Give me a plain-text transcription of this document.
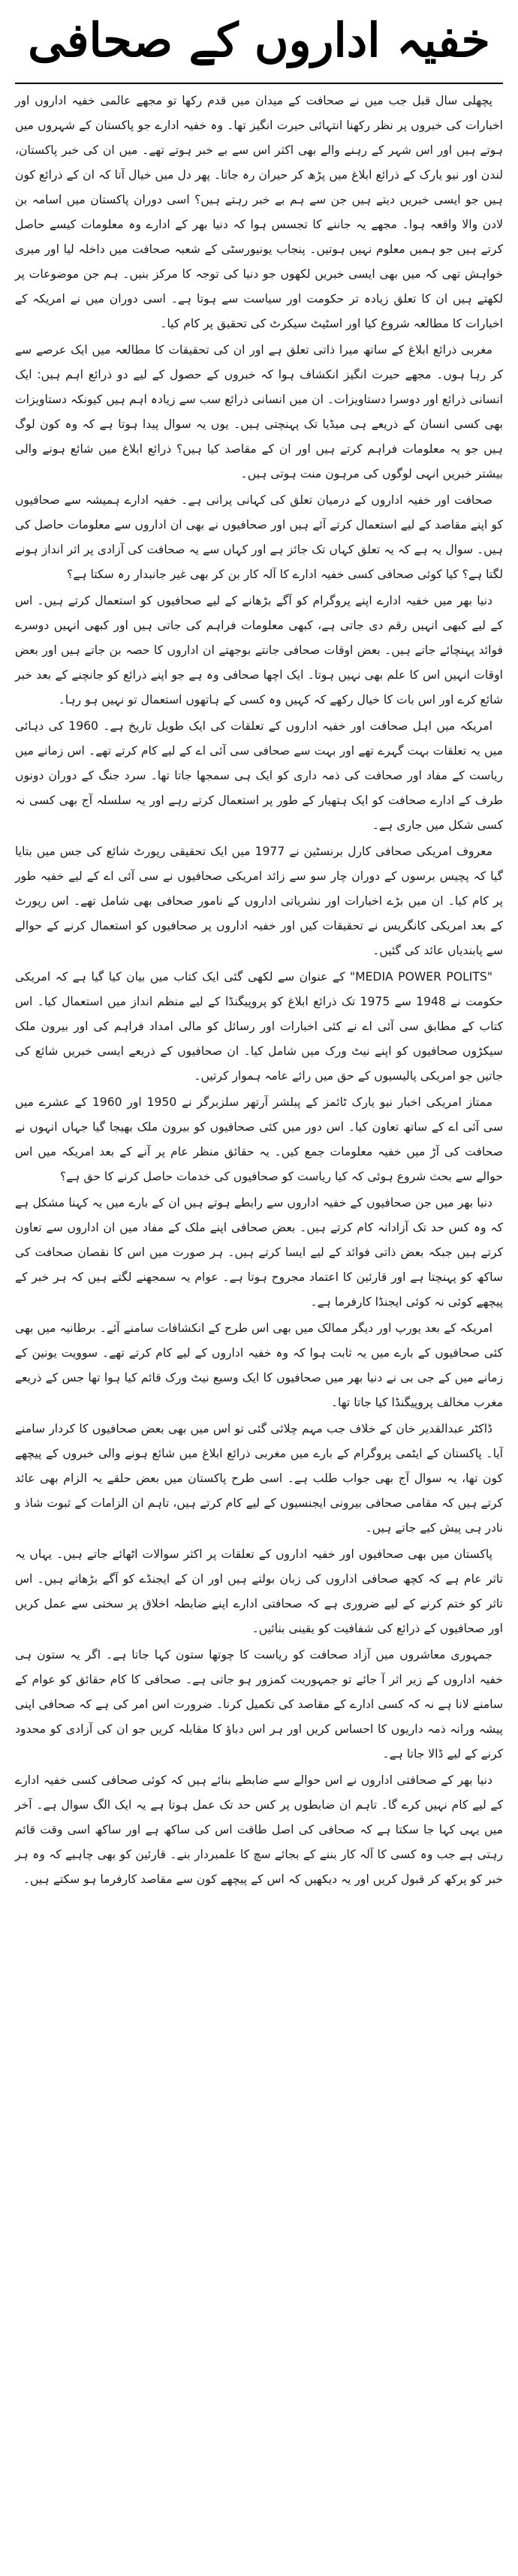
خفیہ اداروں کے صحافی

پچھلی سال قبل جب میں نے صحافت کے میدان میں قدم رکھا تو مجھے عالمی خفیہ اداروں اور اخبارات کی خبروں پر نظر رکھنا انتہائی حیرت انگیز تھا۔ وہ خفیہ ادارے جو پاکستان کے شہروں میں ہوتے ہیں اور اس شہر کے رہنے والے بھی اکثر اس سے بے خبر ہوتے تھے۔ میں ان کی خبر پاکستان، لندن اور نیو یارک کے ذرائع ابلاغ میں پڑھ کر حیران رہ جاتا۔ پھر دل میں خیال آتا کہ ان کے ذرائع کون ہیں جو ایسی خبریں دیتے ہیں جن سے ہم بے خبر رہتے ہیں؟ اسی دوران پاکستان میں اسامہ بن لادن والا واقعہ ہوا۔ مجھے یہ جاننے کا تجسس ہوا کہ دنیا بھر کے ادارے وہ معلومات کیسے حاصل کرتے ہیں جو ہمیں معلوم نہیں ہوتیں۔ پنجاب یونیورسٹی کے شعبہ صحافت میں داخلہ لیا اور میری خواہش تھی کہ میں بھی ایسی خبریں لکھوں جو دنیا کی توجہ کا مرکز بنیں۔ ہم جن موضوعات پر لکھتے ہیں ان کا تعلق زیادہ تر حکومت اور سیاست سے ہوتا ہے۔ اسی دوران میں نے امریکہ کے اخبارات کا مطالعہ شروع کیا اور اسٹیٹ سیکرٹ کی تحقیق پر کام کیا۔

مغربی ذرائع ابلاغ کے ساتھ میرا ذاتی تعلق ہے اور ان کی تحقیقات کا مطالعہ میں ایک عرصے سے کر رہا ہوں۔ مجھے حیرت انگیز انکشاف ہوا کہ خبروں کے حصول کے لیے دو ذرائع اہم ہیں: ایک انسانی ذرائع اور دوسرا دستاویزات۔ ان میں انسانی ذرائع سب سے زیادہ اہم ہیں کیونکہ دستاویزات بھی کسی انسان کے ذریعے ہی میڈیا تک پہنچتی ہیں۔ یوں یہ سوال پیدا ہوتا ہے کہ وہ کون لوگ ہیں جو یہ معلومات فراہم کرتے ہیں اور ان کے مقاصد کیا ہیں؟ ذرائع ابلاغ میں شائع ہونے والی بیشتر خبریں انہی لوگوں کی مرہون منت ہوتی ہیں۔

صحافت اور خفیہ اداروں کے درمیان تعلق کی کہانی پرانی ہے۔ خفیہ ادارے ہمیشہ سے صحافیوں کو اپنے مقاصد کے لیے استعمال کرتے آئے ہیں اور صحافیوں نے بھی ان اداروں سے معلومات حاصل کی ہیں۔ سوال یہ ہے کہ یہ تعلق کہاں تک جائز ہے اور کہاں سے یہ صحافت کی آزادی پر اثر انداز ہونے لگتا ہے؟ کیا کوئی صحافی کسی خفیہ ادارے کا آلہ کار بن کر بھی غیر جانبدار رہ سکتا ہے؟

دنیا بھر میں خفیہ ادارے اپنے پروگرام کو آگے بڑھانے کے لیے صحافیوں کو استعمال کرتے ہیں۔ اس کے لیے کبھی انہیں رقم دی جاتی ہے، کبھی معلومات فراہم کی جاتی ہیں اور کبھی انہیں دوسرے فوائد پہنچائے جاتے ہیں۔ بعض اوقات صحافی جانتے بوجھتے ان اداروں کا حصہ بن جاتے ہیں اور بعض اوقات انہیں اس کا علم بھی نہیں ہوتا۔ ایک اچھا صحافی وہ ہے جو اپنے ذرائع کو جانچنے کے بعد خبر شائع کرے اور اس بات کا خیال رکھے کہ کہیں وہ کسی کے ہاتھوں استعمال تو نہیں ہو رہا۔

امریکہ میں اہل صحافت اور خفیہ اداروں کے تعلقات کی ایک طویل تاریخ ہے۔ 1960 کی دہائی میں یہ تعلقات بہت گہرے تھے اور بہت سے صحافی سی آئی اے کے لیے کام کرتے تھے۔ اس زمانے میں ریاست کے مفاد اور صحافت کی ذمہ داری کو ایک ہی سمجھا جاتا تھا۔ سرد جنگ کے دوران دونوں طرف کے ادارے صحافت کو ایک ہتھیار کے طور پر استعمال کرتے رہے اور یہ سلسلہ آج بھی کسی نہ کسی شکل میں جاری ہے۔

معروف امریکی صحافی کارل برنسٹین نے 1977 میں ایک تحقیقی رپورٹ شائع کی جس میں بتایا گیا کہ پچیس برسوں کے دوران چار سو سے زائد امریکی صحافیوں نے سی آئی اے کے لیے خفیہ طور پر کام کیا۔ ان میں بڑے اخبارات اور نشریاتی اداروں کے نامور صحافی بھی شامل تھے۔ اس رپورٹ کے بعد امریکی کانگریس نے تحقیقات کیں اور خفیہ اداروں پر صحافیوں کو استعمال کرنے کے حوالے سے پابندیاں عائد کی گئیں۔

"MEDIA POWER POLITS" کے عنوان سے لکھی گئی ایک کتاب میں بیان کیا گیا ہے کہ امریکی حکومت نے 1948 سے 1975 تک ذرائع ابلاغ کو پروپیگنڈا کے لیے منظم انداز میں استعمال کیا۔ اس کتاب کے مطابق سی آئی اے نے کئی اخبارات اور رسائل کو مالی امداد فراہم کی اور بیرون ملک سیکڑوں صحافیوں کو اپنے نیٹ ورک میں شامل کیا۔ ان صحافیوں کے ذریعے ایسی خبریں شائع کی جاتیں جو امریکی پالیسیوں کے حق میں رائے عامہ ہموار کرتیں۔

ممتاز امریکی اخبار نیو یارک ٹائمز کے پبلشر آرتھر سلزبرگر نے 1950 اور 1960 کے عشرے میں سی آئی اے کے ساتھ تعاون کیا۔ اس دور میں کئی صحافیوں کو بیرون ملک بھیجا گیا جہاں انہوں نے صحافت کی آڑ میں خفیہ معلومات جمع کیں۔ یہ حقائق منظر عام پر آنے کے بعد امریکہ میں اس حوالے سے بحث شروع ہوئی کہ کیا ریاست کو صحافیوں کی خدمات حاصل کرنے کا حق ہے؟

دنیا بھر میں جن صحافیوں کے خفیہ اداروں سے رابطے ہوتے ہیں ان کے بارے میں یہ کہنا مشکل ہے کہ وہ کس حد تک آزادانہ کام کرتے ہیں۔ بعض صحافی اپنے ملک کے مفاد میں ان اداروں سے تعاون کرتے ہیں جبکہ بعض ذاتی فوائد کے لیے ایسا کرتے ہیں۔ ہر صورت میں اس کا نقصان صحافت کی ساکھ کو پہنچتا ہے اور قارئین کا اعتماد مجروح ہوتا ہے۔ عوام یہ سمجھنے لگتے ہیں کہ ہر خبر کے پیچھے کوئی نہ کوئی ایجنڈا کارفرما ہے۔

امریکہ کے بعد یورپ اور دیگر ممالک میں بھی اس طرح کے انکشافات سامنے آئے۔ برطانیہ میں بھی کئی صحافیوں کے بارے میں یہ ثابت ہوا کہ وہ خفیہ اداروں کے لیے کام کرتے تھے۔ سوویت یونین کے زمانے میں کے جی بی نے دنیا بھر میں صحافیوں کا ایک وسیع نیٹ ورک قائم کیا ہوا تھا جس کے ذریعے مغرب مخالف پروپیگنڈا کیا جاتا تھا۔

ڈاکٹر عبدالقدیر خان کے خلاف جب مہم چلائی گئی تو اس میں بھی بعض صحافیوں کا کردار سامنے آیا۔ پاکستان کے ایٹمی پروگرام کے بارے میں مغربی ذرائع ابلاغ میں شائع ہونے والی خبروں کے پیچھے کون تھا، یہ سوال آج بھی جواب طلب ہے۔ اسی طرح پاکستان میں بعض حلقے یہ الزام بھی عائد کرتے ہیں کہ مقامی صحافی بیرونی ایجنسیوں کے لیے کام کرتے ہیں، تاہم ان الزامات کے ثبوت شاذ و نادر ہی پیش کیے جاتے ہیں۔

پاکستان میں بھی صحافیوں اور خفیہ اداروں کے تعلقات پر اکثر سوالات اٹھائے جاتے ہیں۔ یہاں یہ تاثر عام ہے کہ کچھ صحافی اداروں کی زبان بولتے ہیں اور ان کے ایجنڈے کو آگے بڑھاتے ہیں۔ اس تاثر کو ختم کرنے کے لیے ضروری ہے کہ صحافتی ادارے اپنے ضابطہ اخلاق پر سختی سے عمل کریں اور صحافیوں کے ذرائع کی شفافیت کو یقینی بنائیں۔

جمہوری معاشروں میں آزاد صحافت کو ریاست کا چوتھا ستون کہا جاتا ہے۔ اگر یہ ستون ہی خفیہ اداروں کے زیر اثر آ جائے تو جمہوریت کمزور ہو جاتی ہے۔ صحافی کا کام حقائق کو عوام کے سامنے لانا ہے نہ کہ کسی ادارے کے مقاصد کی تکمیل کرنا۔ ضرورت اس امر کی ہے کہ صحافی اپنی پیشہ ورانہ ذمہ داریوں کا احساس کریں اور ہر اس دباؤ کا مقابلہ کریں جو ان کی آزادی کو محدود کرنے کے لیے ڈالا جاتا ہے۔

دنیا بھر کے صحافتی اداروں نے اس حوالے سے ضابطے بنائے ہیں کہ کوئی صحافی کسی خفیہ ادارے کے لیے کام نہیں کرے گا۔ تاہم ان ضابطوں پر کس حد تک عمل ہوتا ہے یہ ایک الگ سوال ہے۔ آخر میں یہی کہا جا سکتا ہے کہ صحافی کی اصل طاقت اس کی ساکھ ہے اور ساکھ اسی وقت قائم رہتی ہے جب وہ کسی کا آلہ کار بننے کے بجائے سچ کا علمبردار بنے۔ قارئین کو بھی چاہیے کہ وہ ہر خبر کو پرکھ کر قبول کریں اور یہ دیکھیں کہ اس کے پیچھے کون سے مقاصد کارفرما ہو سکتے ہیں۔
